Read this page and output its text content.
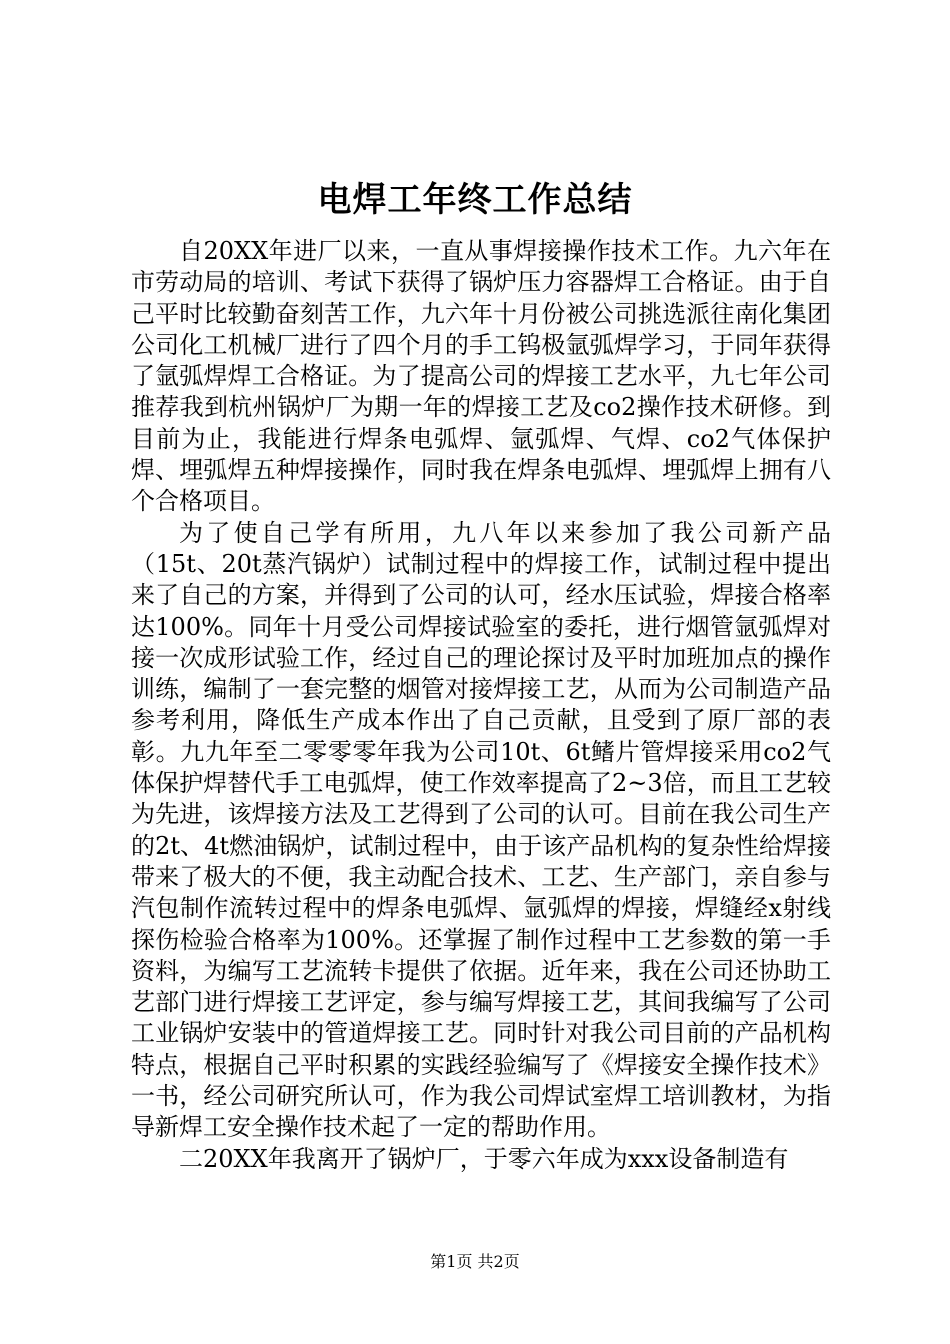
电焊工年终工作总结

自20XX年进厂以来，一直从事焊接操作技术工作。九六年在市劳动局的培训、考试下获得了锅炉压力容器焊工合格证。由于自己平时比较勤奋刻苦工作，九六年十月份被公司挑选派往南化集团公司化工机械厂进行了四个月的手工钨极氩弧焊学习，于同年获得了氩弧焊焊工合格证。为了提高公司的焊接工艺水平，九七年公司推荐我到杭州锅炉厂为期一年的焊接工艺及co2操作技术研修。到目前为止，我能进行焊条电弧焊、氩弧焊、气焊、co2气体保护焊、埋弧焊五种焊接操作，同时我在焊条电弧焊、埋弧焊上拥有八个合格项目。

为了使自己学有所用，九八年以来参加了我公司新产品（15t、20t蒸汽锅炉）试制过程中的焊接工作，试制过程中提出来了自己的方案，并得到了公司的认可，经水压试验，焊接合格率达100%。同年十月受公司焊接试验室的委托，进行烟管氩弧焊对接一次成形试验工作，经过自己的理论探讨及平时加班加点的操作训练，编制了一套完整的烟管对接焊接工艺，从而为公司制造产品参考利用，降低生产成本作出了自己贡献，且受到了原厂部的表彰。九九年至二零零零年我为公司10t、6t鳍片管焊接采用co2气体保护焊替代手工电弧焊，使工作效率提高了2~3倍，而且工艺较为先进，该焊接方法及工艺得到了公司的认可。目前在我公司生产的2t、4t燃油锅炉，试制过程中，由于该产品机构的复杂性给焊接带来了极大的不便，我主动配合技术、工艺、生产部门，亲自参与汽包制作流转过程中的焊条电弧焊、氩弧焊的焊接，焊缝经x射线探伤检验合格率为100%。还掌握了制作过程中工艺参数的第一手资料，为编写工艺流转卡提供了依据。近年来，我在公司还协助工艺部门进行焊接工艺评定，参与编写焊接工艺，其间我编写了公司工业锅炉安装中的管道焊接工艺。同时针对我公司目前的产品机构特点，根据自己平时积累的实践经验编写了《焊接安全操作技术》一书，经公司研究所认可，作为我公司焊试室焊工培训教材，为指导新焊工安全操作技术起了一定的帮助作用。

二20XX年我离开了锅炉厂，于零六年成为xxx设备制造有

第1页 共2页
